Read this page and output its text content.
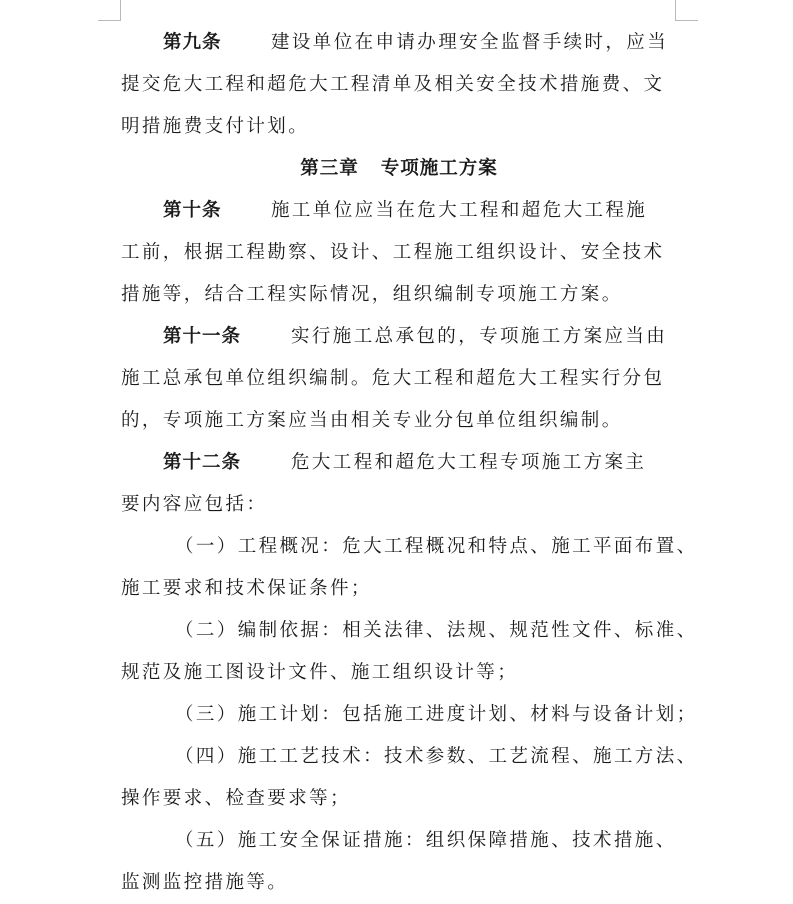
第九条	建设单位在申请办理安全监督手续时，应当
提交危大工程和超危大工程清单及相关安全技术措施费、文
明措施费支付计划。
第三章 专项施工方案
第十条	施工单位应当在危大工程和超危大工程施
工前，根据工程勘察、设计、工程施工组织设计、安全技术
措施等，结合工程实际情况，组织编制专项施工方案。
第十一条	实行施工总承包的，专项施工方案应当由
施工总承包单位组织编制。危大工程和超危大工程实行分包
的，专项施工方案应当由相关专业分包单位组织编制。
第十二条	危大工程和超危大工程专项施工方案主
要内容应包括：
（一）工程概况：危大工程概况和特点、施工平面布置、
施工要求和技术保证条件；
（二）编制依据：相关法律、法规、规范性文件、标准、
规范及施工图设计文件、施工组织设计等；
（三）施工计划：包括施工进度计划、材料与设备计划；
（四）施工工艺技术：技术参数、工艺流程、施工方法、
操作要求、检查要求等；
（五）施工安全保证措施：组织保障措施、技术措施、
监测监控措施等。
